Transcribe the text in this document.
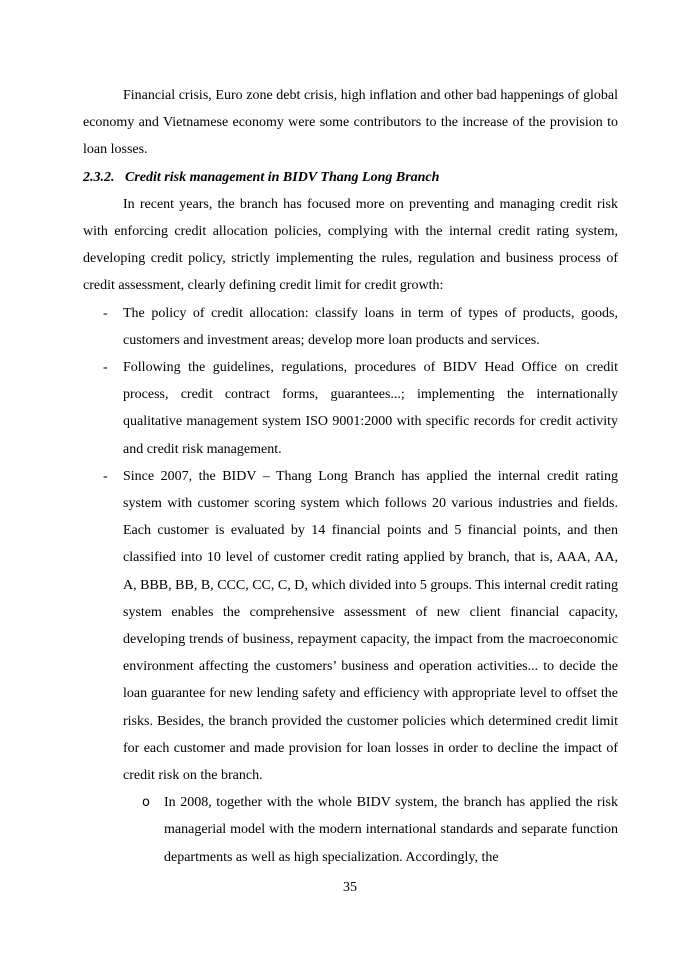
Financial crisis, Euro zone debt crisis, high inflation and other bad happenings of global economy and Vietnamese economy were some contributors to the increase of the provision to loan losses.

2.3.2. Credit risk management in BIDV Thang Long Branch

In recent years, the branch has focused more on preventing and managing credit risk with enforcing credit allocation policies, complying with the internal credit rating system, developing credit policy, strictly implementing the rules, regulation and business process of credit assessment, clearly defining credit limit for credit growth:

- The policy of credit allocation: classify loans in term of types of products, goods, customers and investment areas; develop more loan products and services.
- Following the guidelines, regulations, procedures of BIDV Head Office on credit process, credit contract forms, guarantees...; implementing the internationally qualitative management system ISO 9001:2000 with specific records for credit activity and credit risk management.
- Since 2007, the BIDV – Thang Long Branch has applied the internal credit rating system with customer scoring system which follows 20 various industries and fields. Each customer is evaluated by 14 financial points and 5 financial points, and then classified into 10 level of customer credit rating applied by branch, that is, AAA, AA, A, BBB, BB, B, CCC, CC, C, D, which divided into 5 groups. This internal credit rating system enables the comprehensive assessment of new client financial capacity, developing trends of business, repayment capacity, the impact from the macroeconomic environment affecting the customers’ business and operation activities... to decide the loan guarantee for new lending safety and efficiency with appropriate level to offset the risks. Besides, the branch provided the customer policies which determined credit limit for each customer and made provision for loan losses in order to decline the impact of credit risk on the branch.
o In 2008, together with the whole BIDV system, the branch has applied the risk managerial model with the modern international standards and separate function departments as well as high specialization. Accordingly, the
35
